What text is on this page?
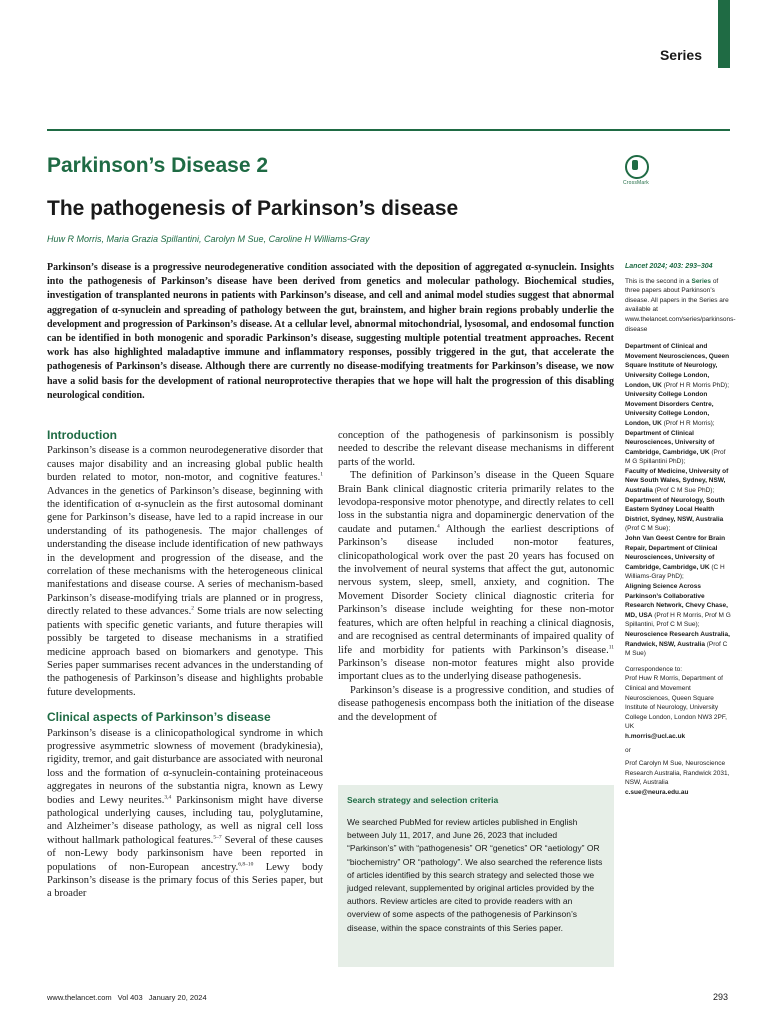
Series
Parkinson’s Disease 2
CrossMark
The pathogenesis of Parkinson’s disease
Huw R Morris, Maria Grazia Spillantini, Carolyn M Sue, Caroline H Williams-Gray
Parkinson’s disease is a progressive neurodegenerative condition associated with the deposition of aggregated α-synuclein. Insights into the pathogenesis of Parkinson’s disease have been derived from genetics and molecular pathology. Biochemical studies, investigation of transplanted neurons in patients with Parkinson’s disease, and cell and animal model studies suggest that abnormal aggregation of α-synuclein and spreading of pathology between the gut, brainstem, and higher brain regions probably underlie the development and progression of Parkinson’s disease. At a cellular level, abnormal mitochondrial, lysosomal, and endosomal function can be identified in both monogenic and sporadic Parkinson’s disease, suggesting multiple potential treatment approaches. Recent work has also highlighted maladaptive immune and inflammatory responses, possibly triggered in the gut, that accelerate the pathogenesis of Parkinson’s disease. Although there are currently no disease-modifying treatments for Parkinson’s disease, we now have a solid basis for the development of rational neuroprotective therapies that we hope will halt the progression of this disabling neurological condition.
Lancet 2024; 403: 293–304
This is the second in a Series of three papers about Parkinson’s disease. All papers in the Series are available at www.thelancet.com/series/parkinsons-disease

Department of Clinical and Movement Neurosciences, Queen Square Institute of Neurology, University College London, London, UK (Prof H R Morris PhD);

University College London Movement Disorders Centre, University College London, London, UK (Prof H R Morris);

Department of Clinical Neurosciences, University of Cambridge, Cambridge, UK (Prof M G Spillantini PhD);

Faculty of Medicine, University of New South Wales, Sydney, NSW, Australia (Prof C M Sue PhD);

Department of Neurology, South Eastern Sydney Local Health District, Sydney, NSW, Australia (Prof C M Sue);

John Van Geest Centre for Brain Repair, Department of Clinical Neurosciences, University of Cambridge, Cambridge, UK (C H Williams-Gray PhD);

Aligning Science Across Parkinson’s Collaborative Research Network, Chevy Chase, MD, USA (Prof H R Morris, Prof M G Spillantini, Prof C M Sue);

Neuroscience Research Australia, Randwick, NSW, Australia (Prof C M Sue)

Correspondence to:
Prof Huw R Morris, Department of Clinical and Movement Neurosciences, Queen Square Institute of Neurology, University College London, London NW3 2PF, UK
h.morris@ucl.ac.uk
or
Prof Carolyn M Sue, Neuroscience Research Australia, Randwick 2031, NSW, Australia
c.sue@neura.edu.au
Introduction

Parkinson’s disease is a common neurodegenerative disorder that causes major disability and an increasing global public health burden related to motor, non-motor, and cognitive features.$^1$ Advances in the genetics of Parkinson’s disease, beginning with the identification of α-synuclein as the first autosomal dominant gene for Parkinson’s disease, have led to a rapid increase in our understanding of its pathogenesis. The major challenges of understanding the disease include identification of new pathways in the development and progression of the disease, and the correlation of these mechanisms with the heterogeneous clinical manifestations and disease course. A series of mechanism-based Parkinson’s disease-modifying trials are planned or in progress, directly related to these advances.$^2$ Some trials are now selecting patients with specific genetic variants, and future therapies will possibly be targeted to disease mechanisms in a stratified medicine approach based on biomarkers and genotype. This Series paper summarises recent advances in the understanding of the pathogenesis of Parkinson’s disease and highlights probable future developments.

Clinical aspects of Parkinson’s disease

Parkinson’s disease is a clinicopathological syndrome in which progressive asymmetric slowness of movement (bradykinesia), rigidity, tremor, and gait disturbance are associated with neuronal loss and the formation of α-synuclein-containing proteinaceous aggregates in neurons of the substantia nigra, known as Lewy bodies and Lewy neurites.$^{3,4}$ Parkinsonism might have diverse pathological underlying causes, including tau, polyglutamine, and Alzheimer’s disease pathology, as well as nigral cell loss without hallmark pathological features.$^{5-7}$ Several of these causes of non-Lewy body parkinsonism have been reported in populations of non-European ancestry.$^{6,8-10}$ Lewy body Parkinson’s disease is the primary focus of this Series paper, but a broader

conception of the pathogenesis of parkinsonism is possibly needed to describe the relevant disease mechanisms in different parts of the world.

The definition of Parkinson’s disease in the Queen Square Brain Bank clinical diagnostic criteria primarily relates to the levodopa-responsive motor phenotype, and directly relates to cell loss in the substantia nigra and dopaminergic denervation of the caudate and putamen.$^4$ Although the earliest descriptions of Parkinson’s disease included non-motor features, clinicopathological work over the past 20 years has focused on the involvement of neural systems that affect the gut, autonomic nervous system, sleep, smell, anxiety, and cognition. The Movement Disorder Society clinical diagnostic criteria for Parkinson’s disease include weighting for these non-motor features, which are often helpful in reaching a clinical diagnosis, and are recognised as central determinants of impaired quality of life and morbidity for patients with Parkinson’s disease.$^{11}$ Parkinson’s disease non-motor features might also provide important clues as to the underlying disease pathogenesis.

Parkinson’s disease is a progressive condition, and studies of disease pathogenesis encompass both the initiation of the disease and the development of

Search strategy and selection criteria
We searched PubMed for review articles published in English between July 11, 2017, and June 26, 2023 that included “Parkinson’s” with “pathogenesis” OR “genetics” OR “aetiology” OR “biochemistry” OR “pathology”. We also searched the reference lists of articles identified by this search strategy and selected those we judged relevant, supplemented by original articles provided by the authors. Review articles are cited to provide readers with an overview of some aspects of the pathogenesis of Parkinson’s disease, within the space constraints of this Series paper.
www.thelancet.com Vol 403 January 20, 2024	293
